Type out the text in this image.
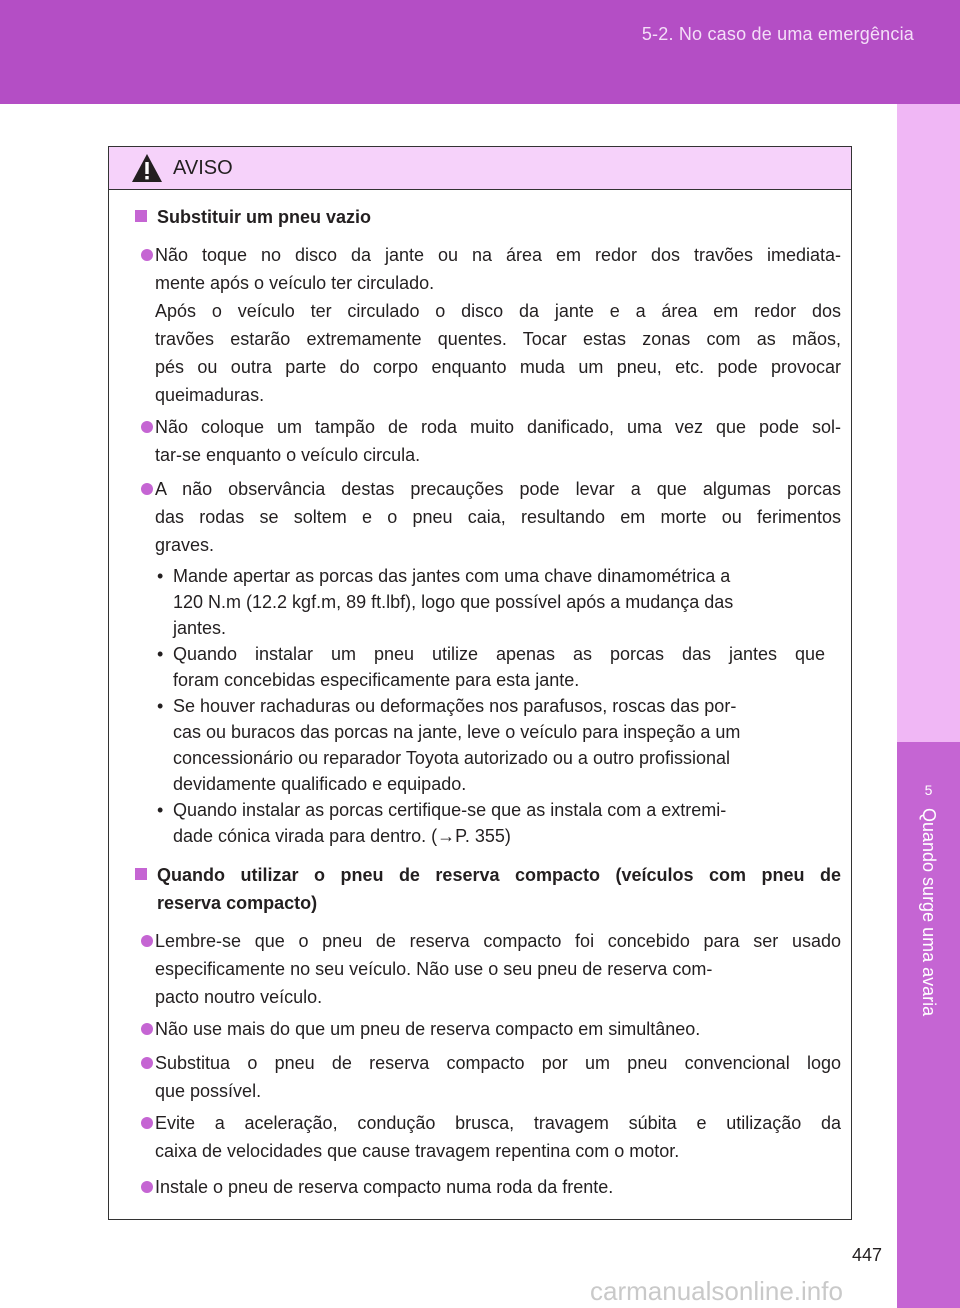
5-2. No caso de uma emergência
5
Quando surge uma avaria
AVISO
Substituir um pneu vazio
Não toque no disco da jante ou na área em redor dos travões imediata-
mente após o veículo ter circulado.
Após o veículo ter circulado o disco da jante e a área em redor dos
travões estarão extremamente quentes. Tocar estas zonas com as mãos,
pés ou outra parte do corpo enquanto muda um pneu, etc. pode provocar
queimaduras.
Não coloque um tampão de roda muito danificado, uma vez que pode sol-
tar-se enquanto o veículo circula.
A não observância destas precauções pode levar a que algumas porcas
das rodas se soltem e o pneu caia, resultando em morte ou ferimentos
graves.
• Mande apertar as porcas das jantes com uma chave dinamométrica a
120 N.m (12.2 kgf.m, 89 ft.lbf), logo que possível após a mudança das
jantes.
• Quando instalar um pneu utilize apenas as porcas das jantes que
foram concebidas especificamente para esta jante.
• Se houver rachaduras ou deformações nos parafusos, roscas das por-
cas ou buracos das porcas na jante, leve o veículo para inspeção a um
concessionário ou reparador Toyota autorizado ou a outro profissional
devidamente qualificado e equipado.
• Quando instalar as porcas certifique-se que as instala com a extremi-
dade cónica virada para dentro. (→P. 355)
Quando utilizar o pneu de reserva compacto (veículos com pneu de
reserva compacto)
Lembre-se que o pneu de reserva compacto foi concebido para ser usado
especificamente no seu veículo. Não use o seu pneu de reserva com-
pacto noutro veículo.
Não use mais do que um pneu de reserva compacto em simultâneo.
Substitua o pneu de reserva compacto por um pneu convencional logo
que possível.
Evite a aceleração, condução brusca, travagem súbita e utilização da
caixa de velocidades que cause travagem repentina com o motor.
Instale o pneu de reserva compacto numa roda da frente.
447
carmanualsonline.info
